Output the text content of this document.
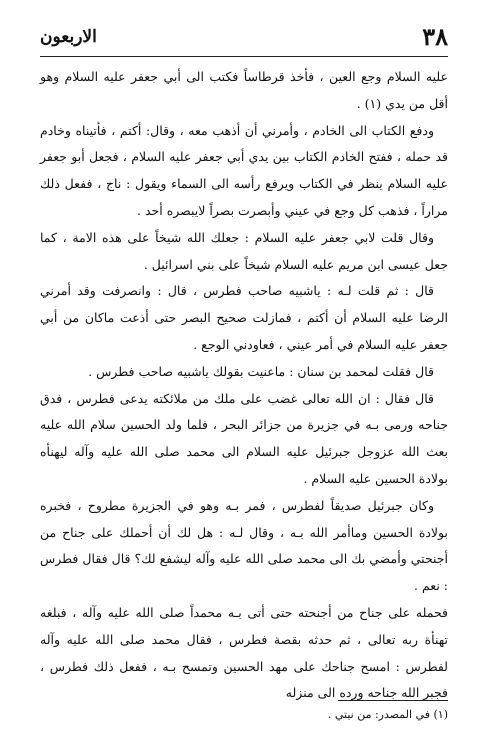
٣٨
الاربعون

عليه السلام وجع العين ، فأخذ قرطاساً فكتب الى أبي جعفر عليه السلام وهو أقل من يدي (١) .

ودفع الكتاب الى الخادم ، وأمرني أن أذهب معه ، وقال: أكتم ، فأتيناه وخادم قد حمله ، ففتح الخادم الكتاب بين يدي أبي جعفر عليه السلام ، فجعل أبو جعفر عليه السلام ينظر في الكتاب ويرفع رأسه الى السماء ويقول : ناج ، ففعل ذلك مراراً ، فذهب كل وجع في عيني وأبصرت بصراً لايبصره أحد .

وقال قلت لابي جعفر عليه السلام : جعلك الله شيخاً على هذه الامة ، كما جعل عيسى ابن مريم عليه السلام شيخاً على بني اسرائيل .

قال : ثم قلت لـه : ياشبيه صاحب فطرس ، قال : وانصرفت وقد أمرني الرضا عليه السلام أن أكتم ، فمازلت صحيح البصر حتى أذعت ماكان من أبي جعفر عليه السلام في أمر عيني ، فعاودني الوجع .

قال فقلت لمحمد بن سنان : ماعنيت بقولك ياشبيه صاحب فطرس .

قال فقال : ان الله تعالى غضب على ملك من ملائكته يدعى فطرس ، فدق جناحه ورمى بـه في جزيرة من جزائر البحر ، فلما ولد الحسين سلام الله عليه بعث الله عزوجل جبرئيل عليه السلام الى محمد صلى الله عليه وآله ليهنأه بولادة الحسين عليه السلام .

وكان جبرئيل صديقاً لفطرس ، فمر بـه وهو في الجزيرة مطروح ، فخبره بولادة الحسين وماأمر الله بـه ، وقال لـه : هل لك أن أحملك على جناح من أجنحتي وأمضي بك الى محمد صلى الله عليه وآله ليشفع لك؟ قال فقال فطرس : نعم .

فحمله على جناح من أجنحته حتى أتى بـه محمداً صلى الله عليه وآله ، فبلغه تهنأة ربه تعالى ، ثم حدثه بقصة فطرس ، فقال محمد صلى الله عليه وآله لفطرس : امسح جناحك على مهد الحسين وتمسح بـه ، ففعل ذلك فطرس ، فجبر الله جناحه ورده الى منزله

(١) في المصدر: من نيتي .
